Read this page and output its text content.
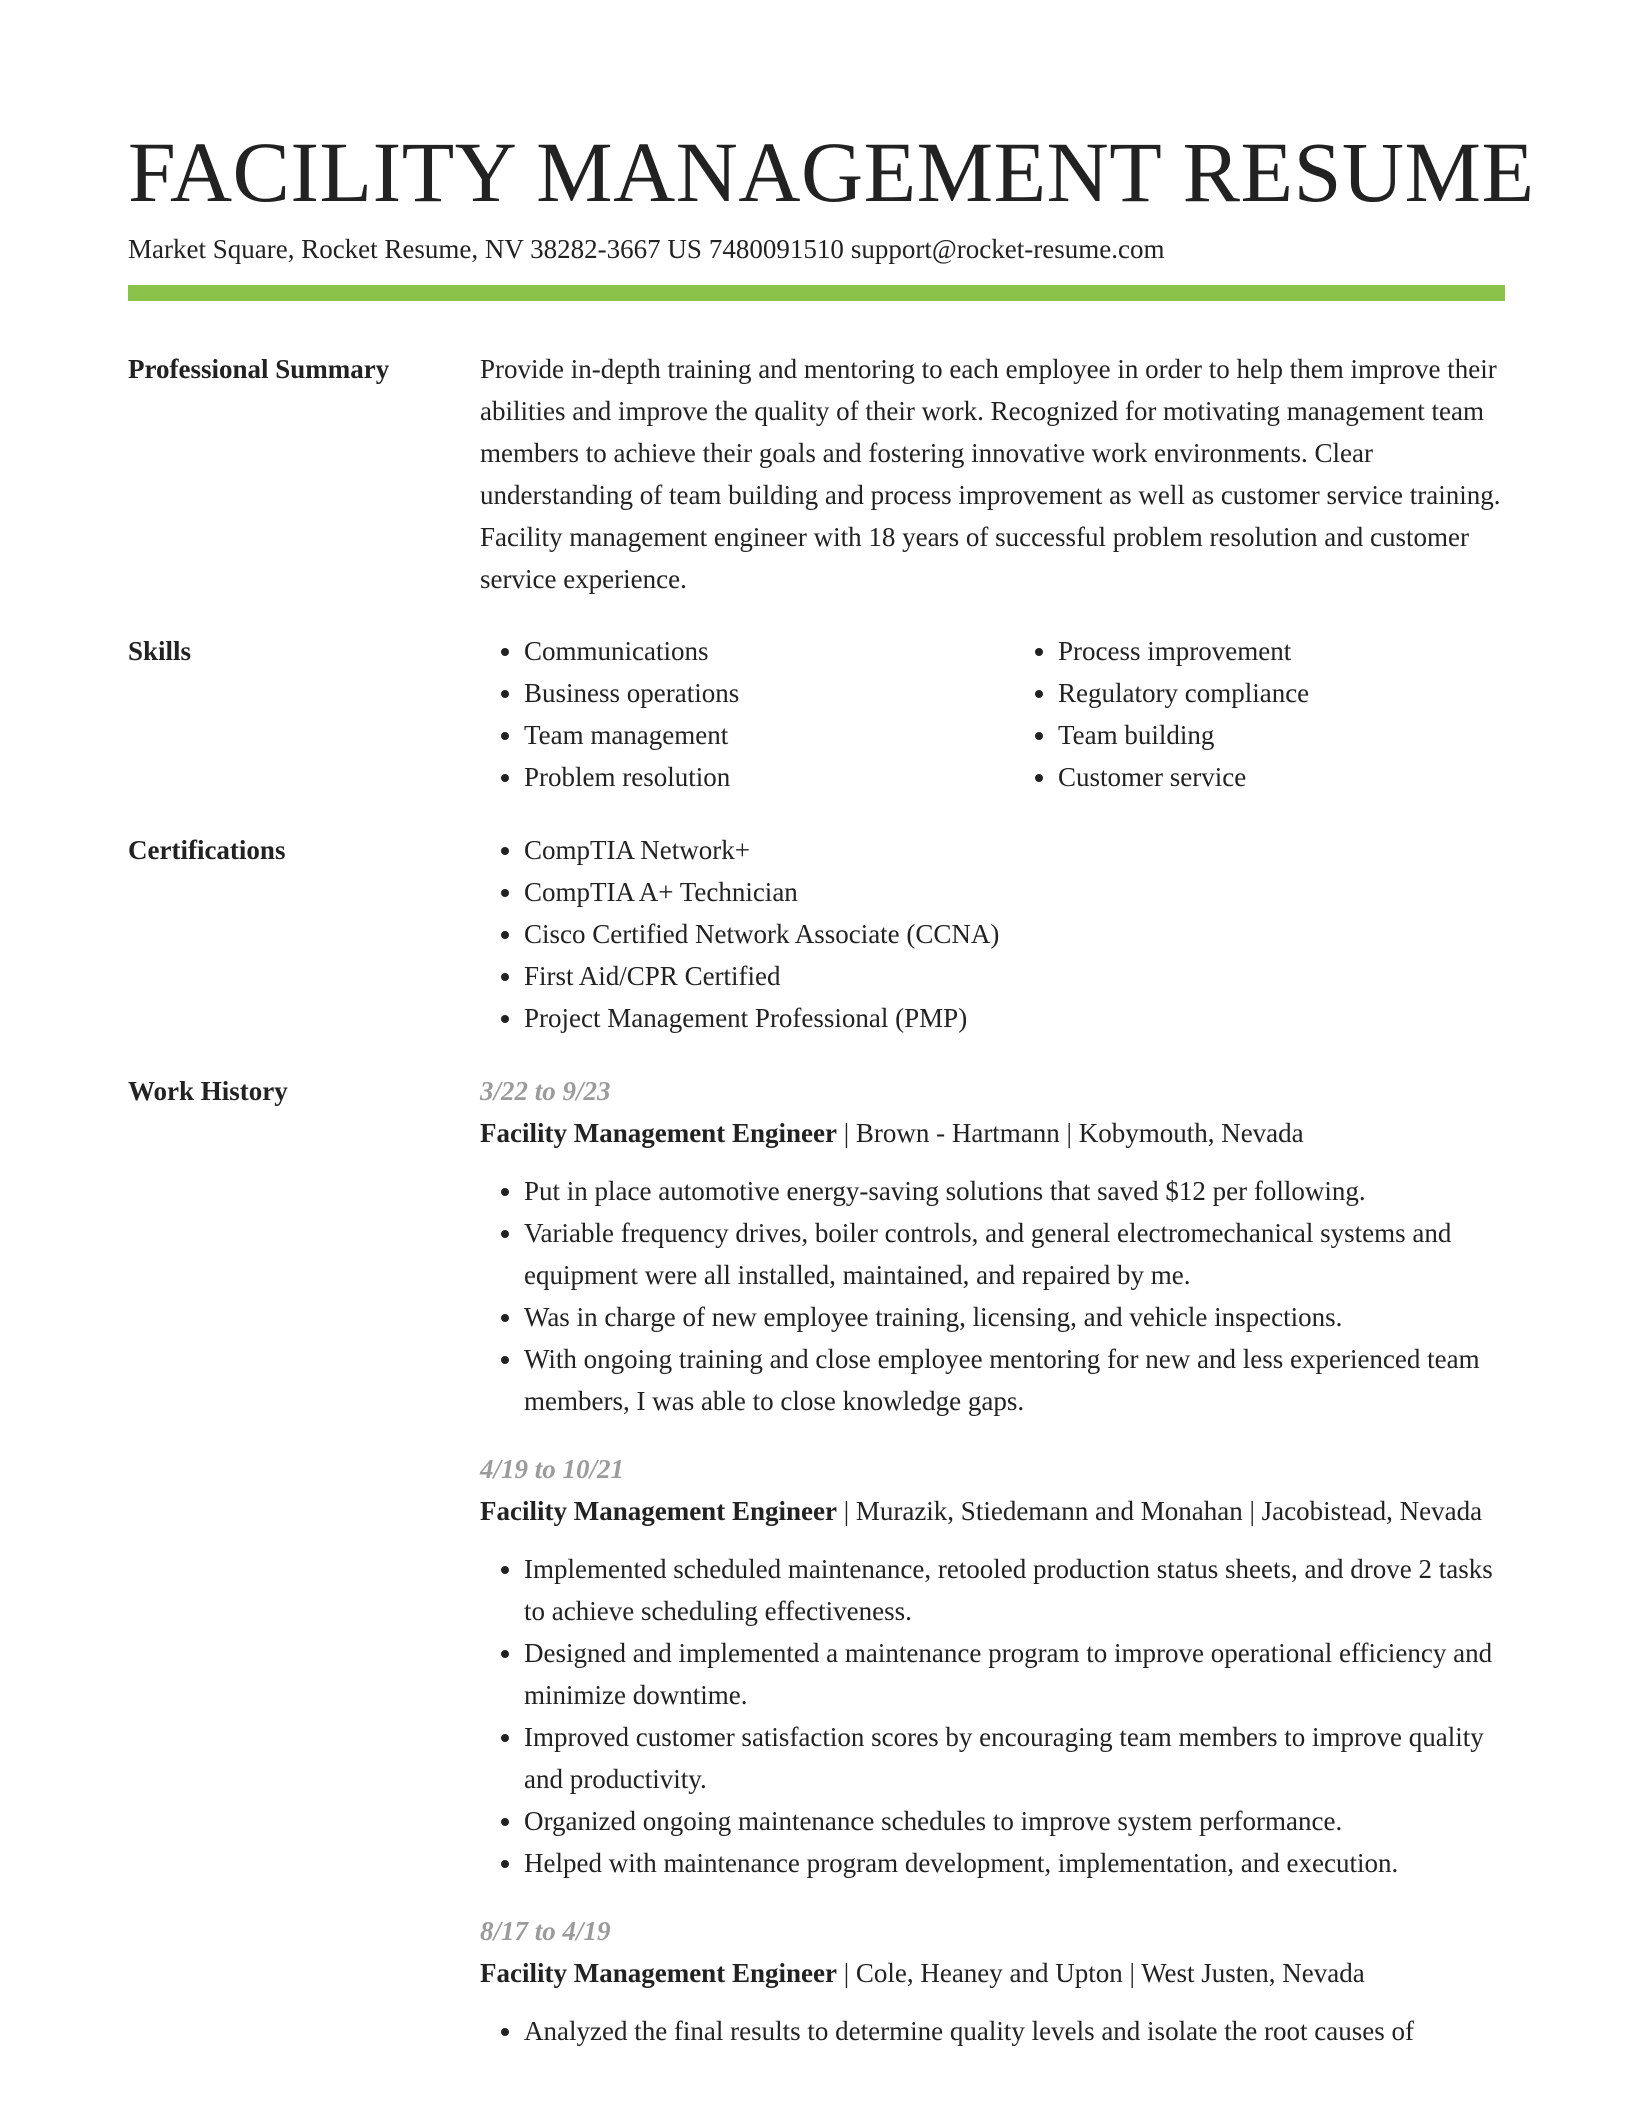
FACILITY MANAGEMENT RESUME
Market Square, Rocket Resume, NV 38282-3667 US 7480091510 support@rocket-resume.com
Professional Summary	Provide in-depth training and mentoring to each employee in order to help them improve their abilities and improve the quality of their work. Recognized for motivating management team members to achieve their goals and fostering innovative work environments. Clear understanding of team building and process improvement as well as customer service training. Facility management engineer with 18 years of successful problem resolution and customer service experience.

Skills	• Communications
• Business operations
• Team management
• Problem resolution
• Process improvement
• Regulatory compliance
• Team building
• Customer service
Certifications	• CompTIA Network+
• CompTIA A+ Technician
• Cisco Certified Network Associate (CCNA)
• First Aid/CPR Certified
• Project Management Professional (PMP)
Work History	3/22 to 9/23
Facility Management Engineer | Brown - Hartmann | Kobymouth, Nevada
• Put in place automotive energy-saving solutions that saved $12 per following.
• Variable frequency drives, boiler controls, and general electromechanical systems and equipment were all installed, maintained, and repaired by me.
• Was in charge of new employee training, licensing, and vehicle inspections.
• With ongoing training and close employee mentoring for new and less experienced team members, I was able to close knowledge gaps.
4/19 to 10/21
Facility Management Engineer | Murazik, Stiedemann and Monahan | Jacobistead, Nevada
• Implemented scheduled maintenance, retooled production status sheets, and drove 2 tasks to achieve scheduling effectiveness.
• Designed and implemented a maintenance program to improve operational efficiency and minimize downtime.
• Improved customer satisfaction scores by encouraging team members to improve quality and productivity.
• Organized ongoing maintenance schedules to improve system performance.
• Helped with maintenance program development, implementation, and execution.
8/17 to 4/19
Facility Management Engineer | Cole, Heaney and Upton | West Justen, Nevada
• Analyzed the final results to determine quality levels and isolate the root causes of
